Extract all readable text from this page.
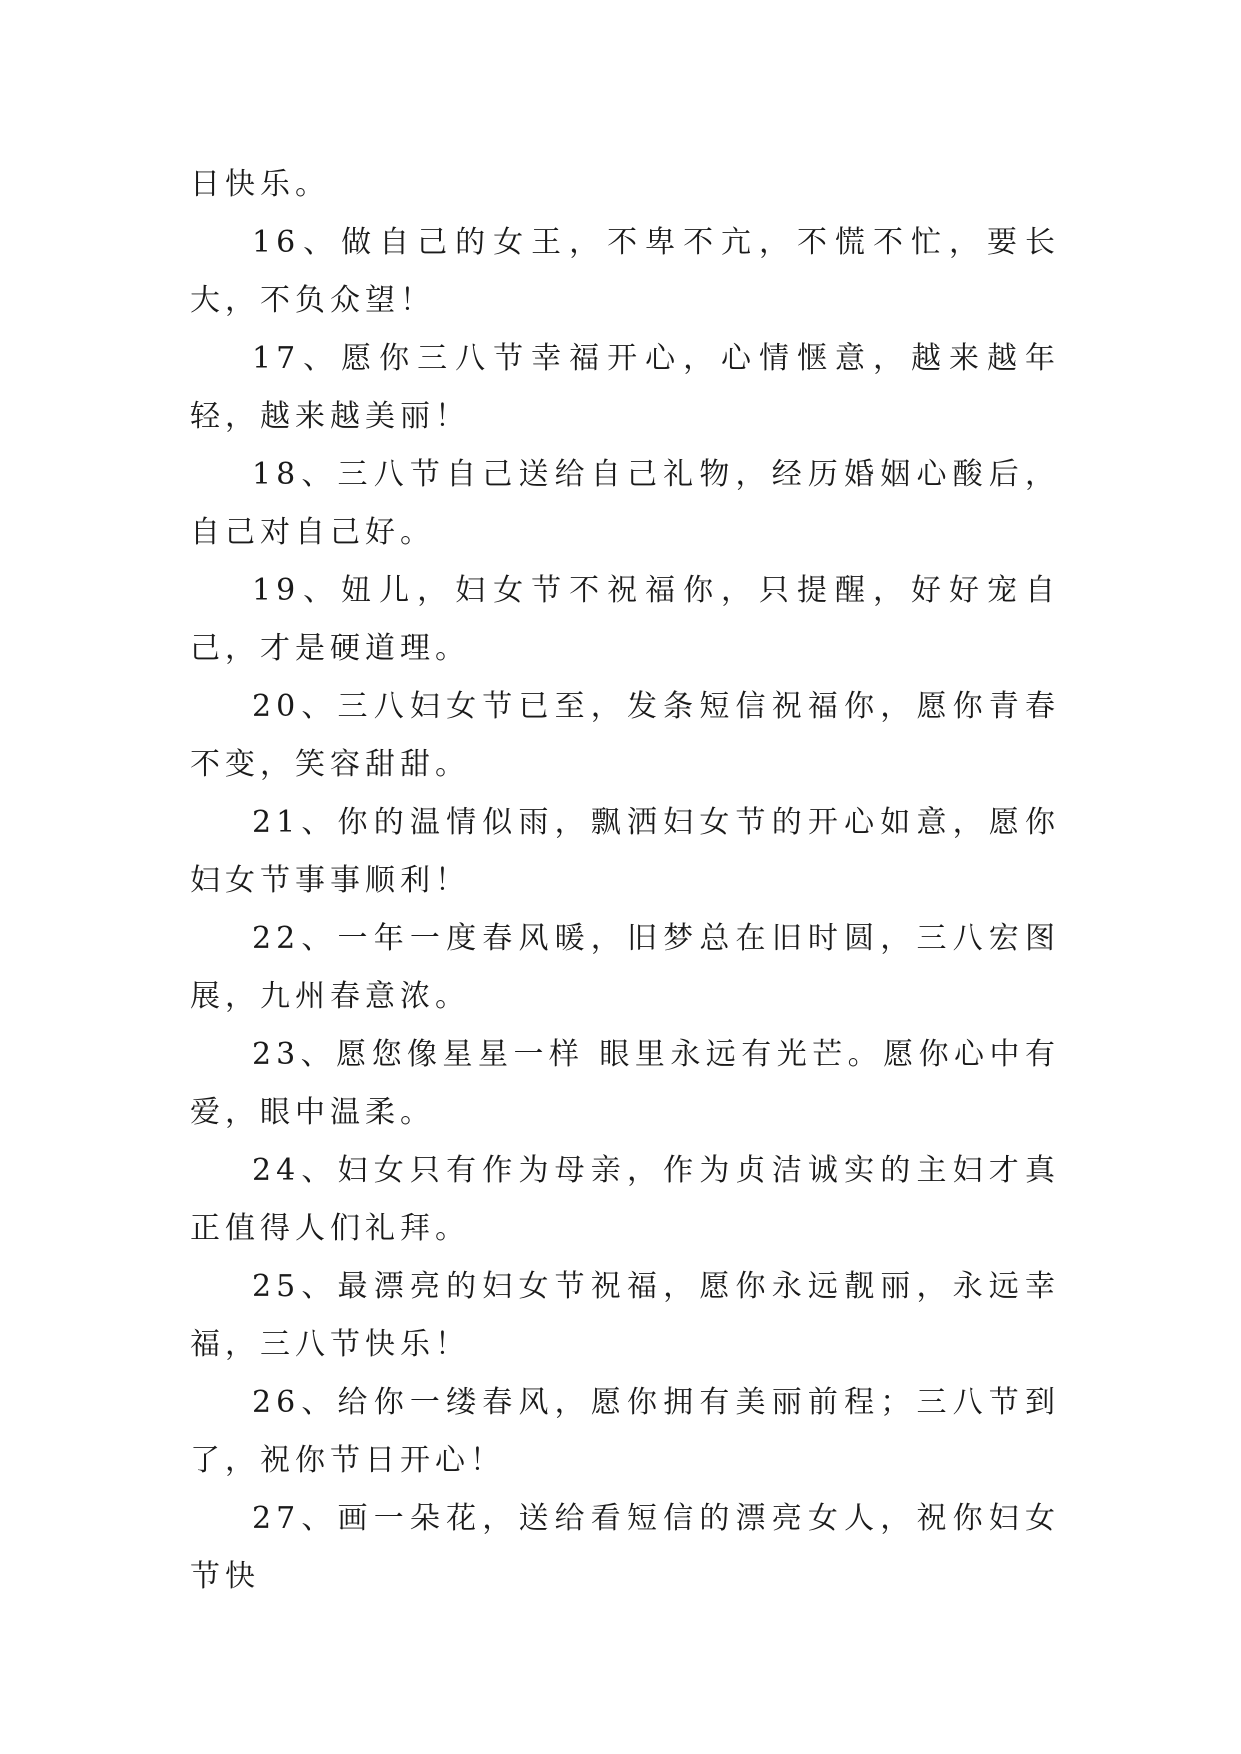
日快乐。

16、做自己的女王，不卑不亢，不慌不忙，要长大，不负众望！

17、愿你三八节幸福开心，心情惬意，越来越年轻，越来越美丽！

18、三八节自己送给自己礼物，经历婚姻心酸后，自己对自己好。

19、妞儿，妇女节不祝福你，只提醒，好好宠自己，才是硬道理。

20、三八妇女节已至，发条短信祝福你，愿你青春不变，笑容甜甜。

21、你的温情似雨，飘洒妇女节的开心如意，愿你妇女节事事顺利！

22、一年一度春风暖，旧梦总在旧时圆，三八宏图展，九州春意浓。

23、愿您像星星一样 眼里永远有光芒。愿你心中有爱，眼中温柔。

24、妇女只有作为母亲，作为贞洁诚实的主妇才真正值得人们礼拜。

25、最漂亮的妇女节祝福，愿你永远靓丽，永远幸福，三八节快乐！

26、给你一缕春风，愿你拥有美丽前程；三八节到了，祝你节日开心！

27、画一朵花，送给看短信的漂亮女人，祝你妇女节快
